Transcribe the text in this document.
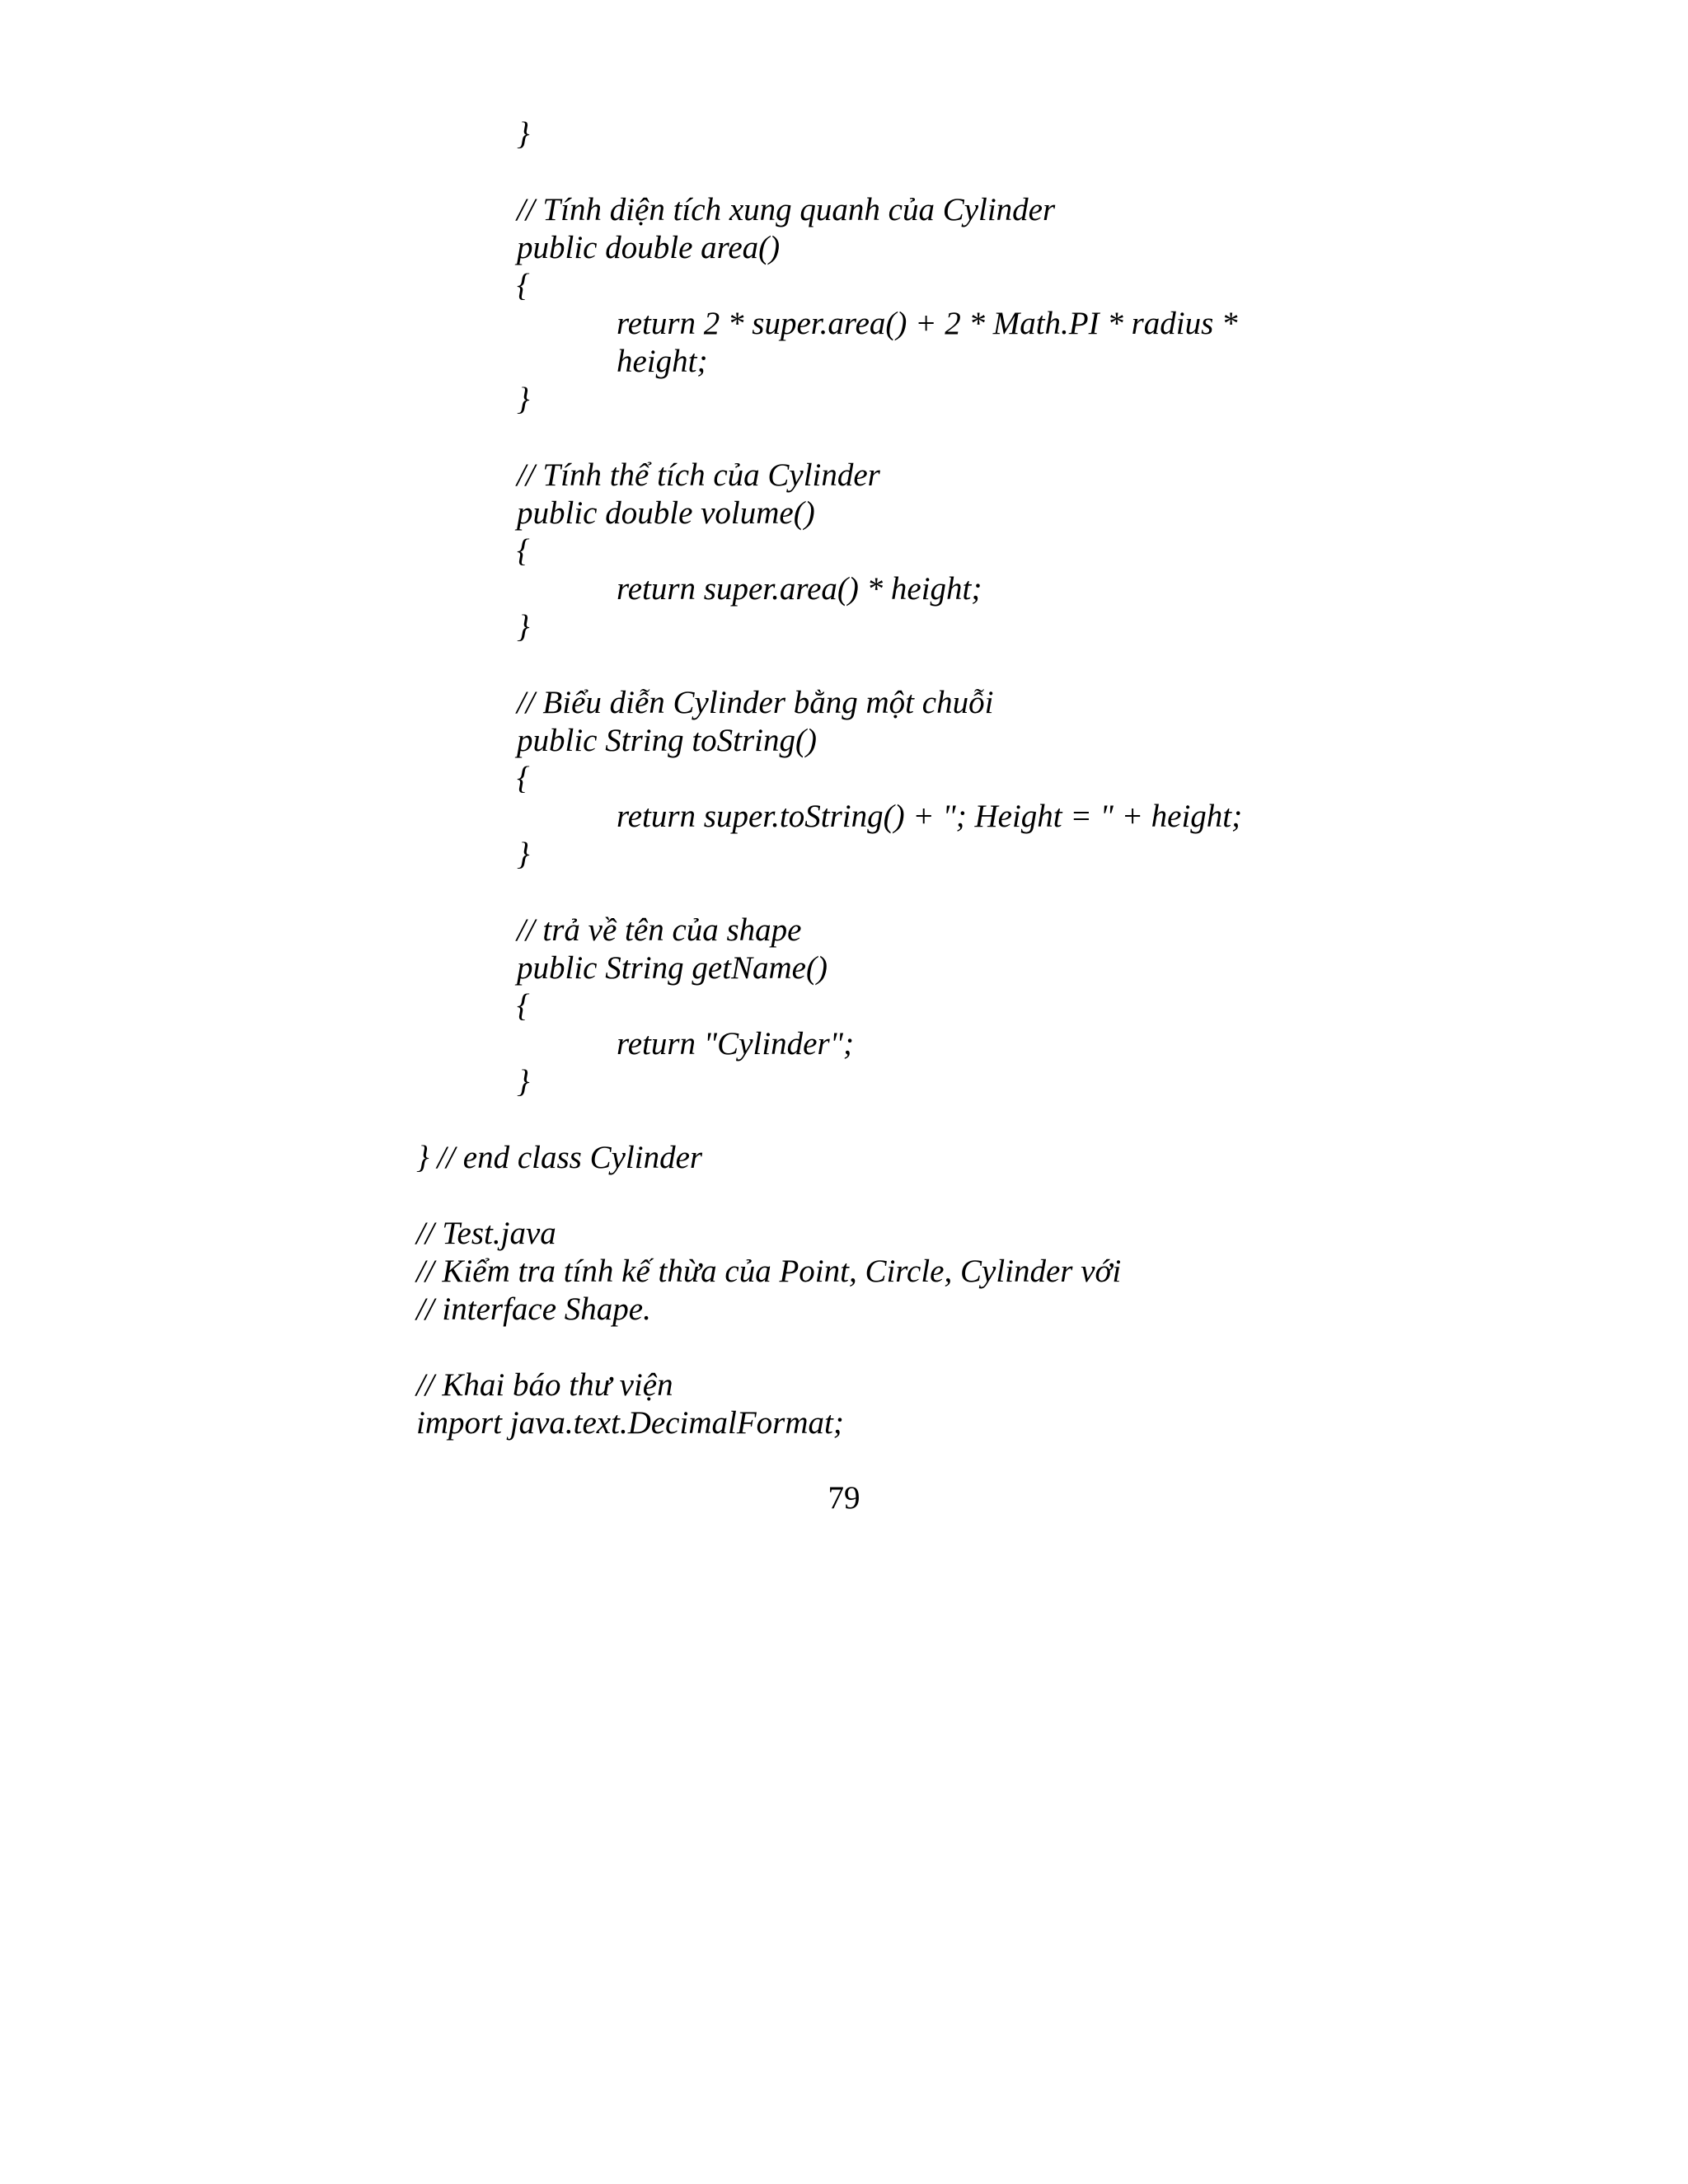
}
// Tính diện tích xung quanh của Cylinder
public double area()
{
return 2 * super.area() + 2 * Math.PI * radius *
height;
}
// Tính thể tích của Cylinder
public double volume()
{
return super.area() * height;
}
// Biểu diễn Cylinder bằng một chuỗi
public String toString()
{
return super.toString() + "; Height = " + height;
}
// trả về tên của shape
public String getName()
{
return "Cylinder";
}
} // end class Cylinder
// Test.java
// Kiểm tra tính kế thừa của Point, Circle, Cylinder với
// interface Shape.
// Khai báo thư viện
import java.text.DecimalFormat;
79
